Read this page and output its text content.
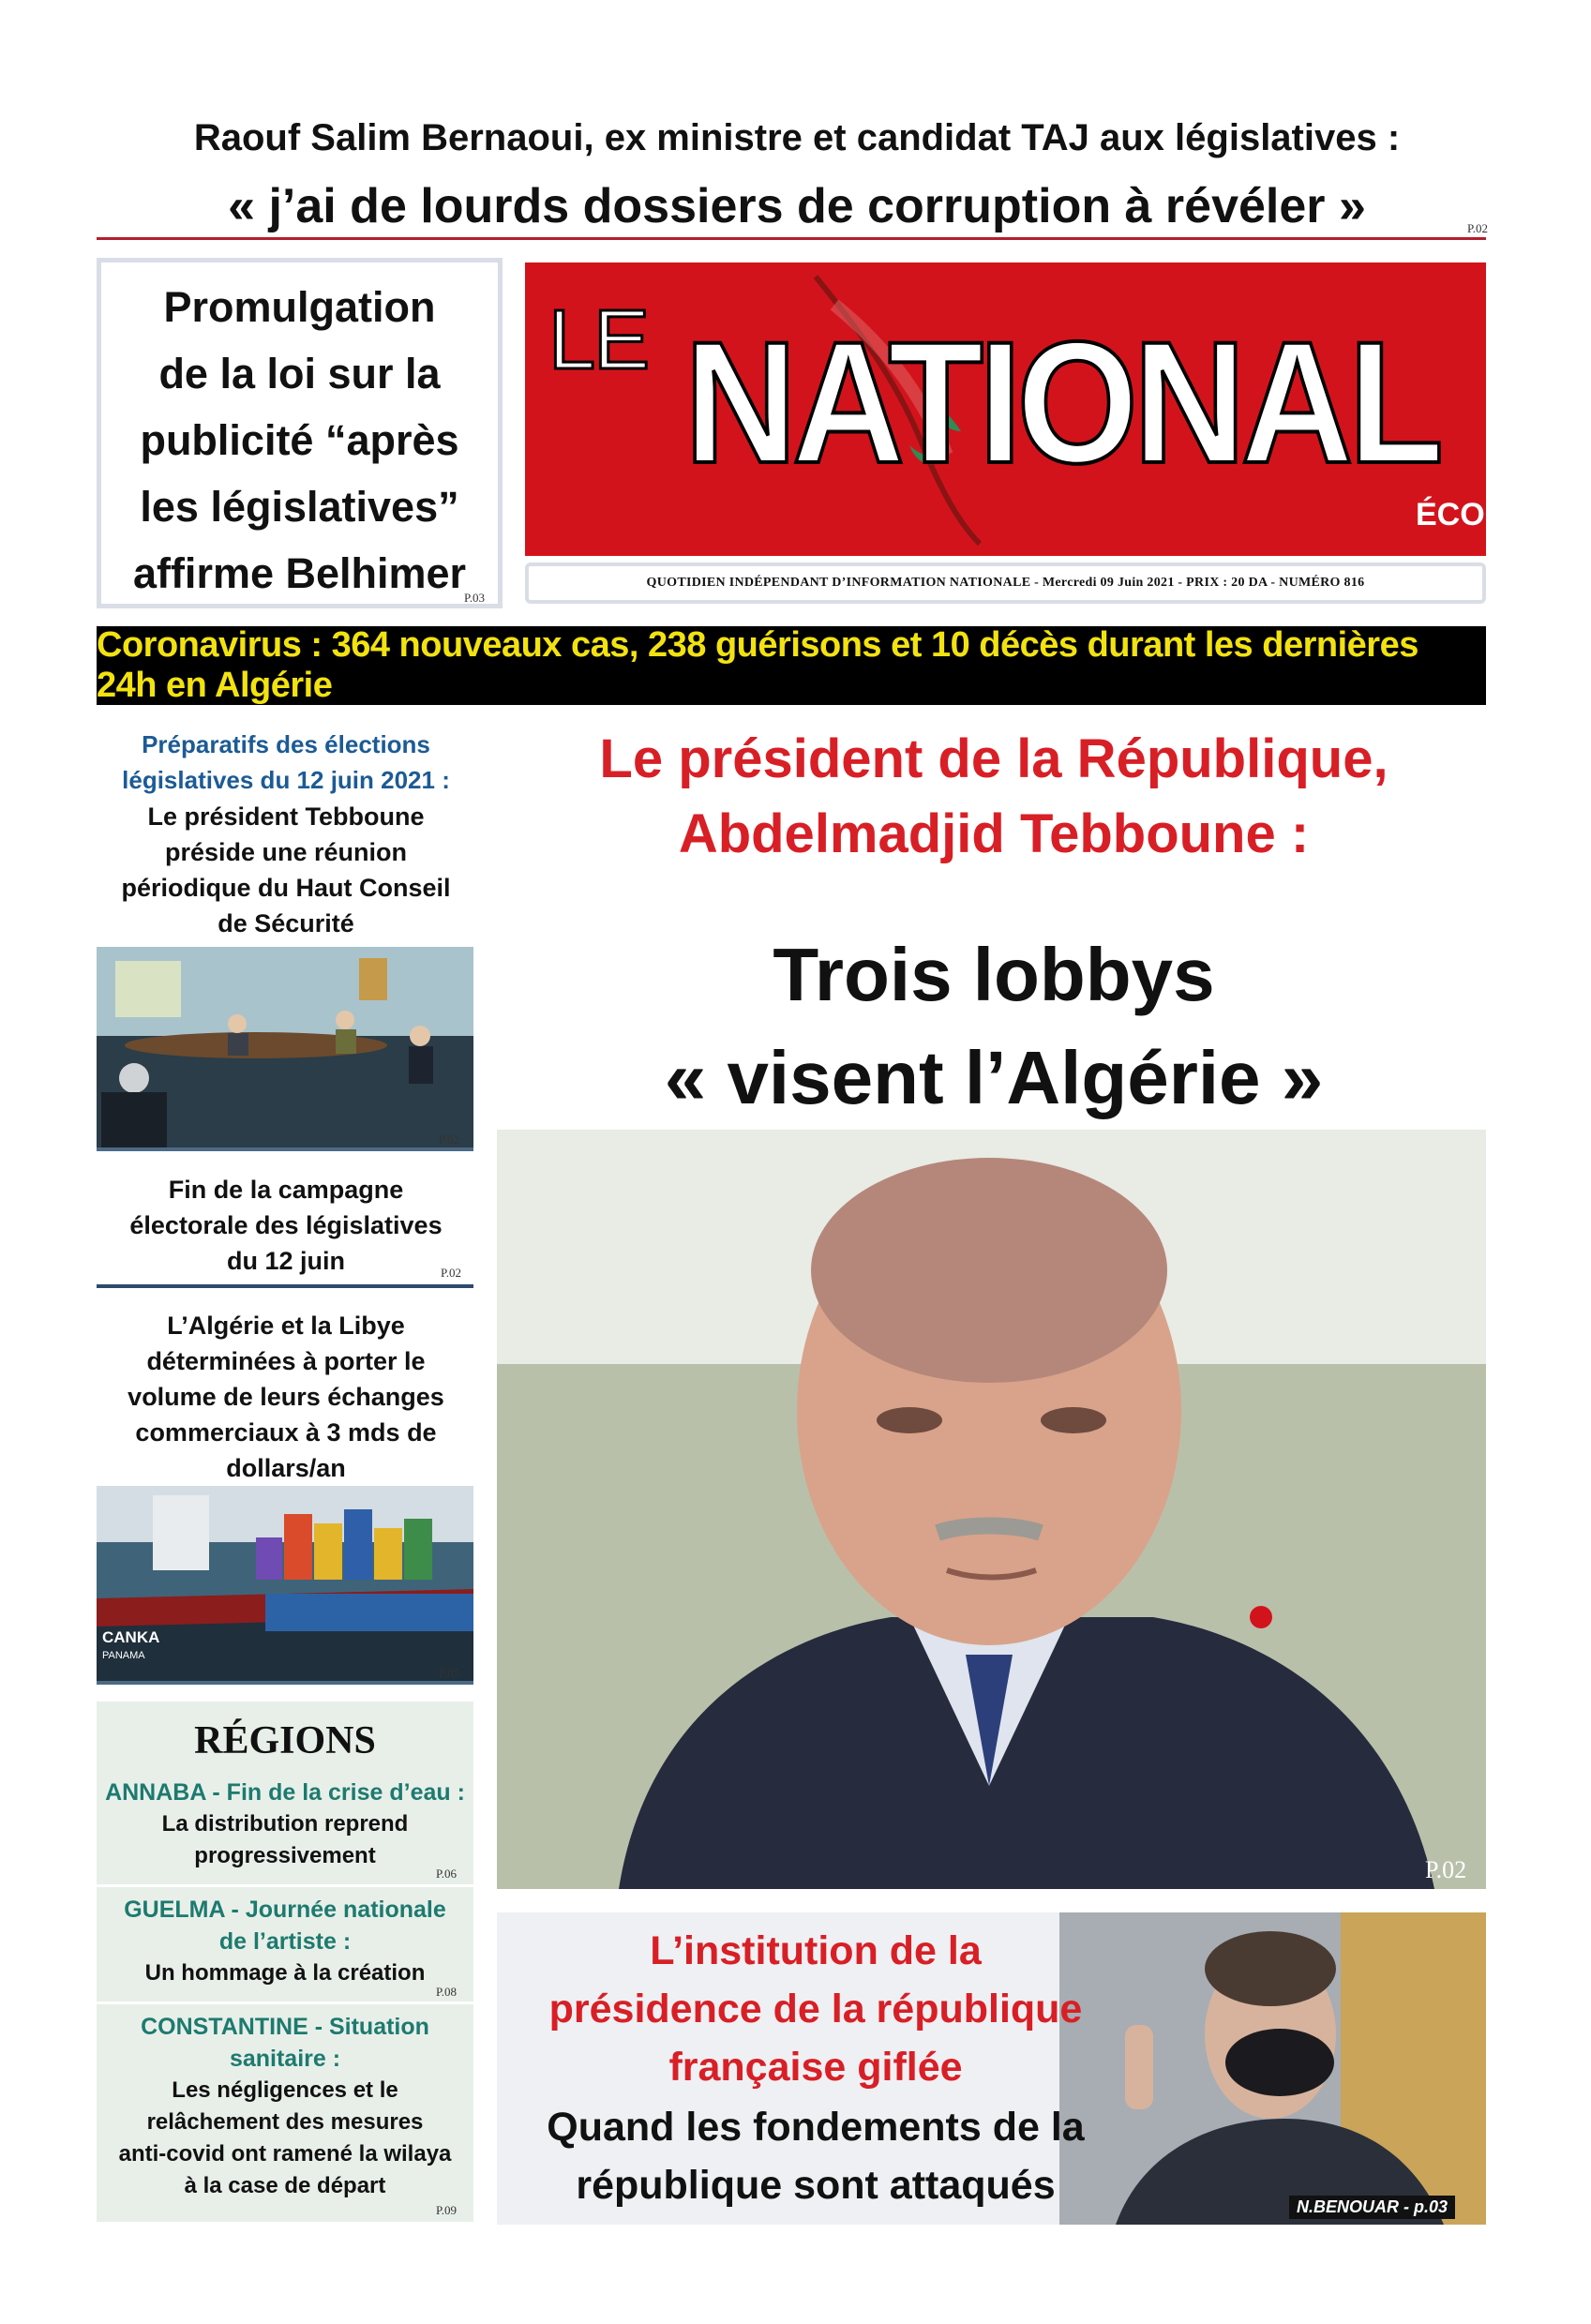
Raouf Salim Bernaoui, ex ministre et candidat TAJ aux législatives :
« j’ai de lourds dossiers de corruption à révéler »	P.02
Promulgation
de la loi sur la
publicité “après
les législatives”
affirme Belhimer
P.03
LE NATIONAL
ÉCO
QUOTIDIEN INDÉPENDANT D’INFORMATION NATIONALE - Mercredi 09 Juin 2021 - PRIX : 20 DA - NUMÉRO 816
Coronavirus : 364 nouveaux cas, 238 guérisons et 10 décès durant les dernières 24h en Algérie
Préparatifs des élections
législatives du 12 juin 2021 :
Le président Tebboune
préside une réunion
périodique du Haut Conseil
de Sécurité
P.02
Fin de la campagne
électorale des législatives
du 12 juin	P.02
L’Algérie et la Libye
déterminées à porter le
volume de leurs échanges
commerciaux à 3 mds de
dollars/an
CANKA
PANAMA
P.05
RÉGIONS
ANNABA - Fin de la crise d’eau :
La distribution reprend
progressivement
P.06
GUELMA - Journée nationale
de l’artiste :
Un hommage à la création
P.08
CONSTANTINE - Situation
sanitaire :
Les négligences et le
relâchement des mesures
anti-covid ont ramené la wilaya
à la case de départ
P.09
Le président de la République,
Abdelmadjid Tebboune :
Trois lobbys
« visent l’Algérie »
P.02
L’institution de la
présidence de la république
française giflée
Quand les fondements de la
république sont attaqués	N.BENOUAR - p.03
